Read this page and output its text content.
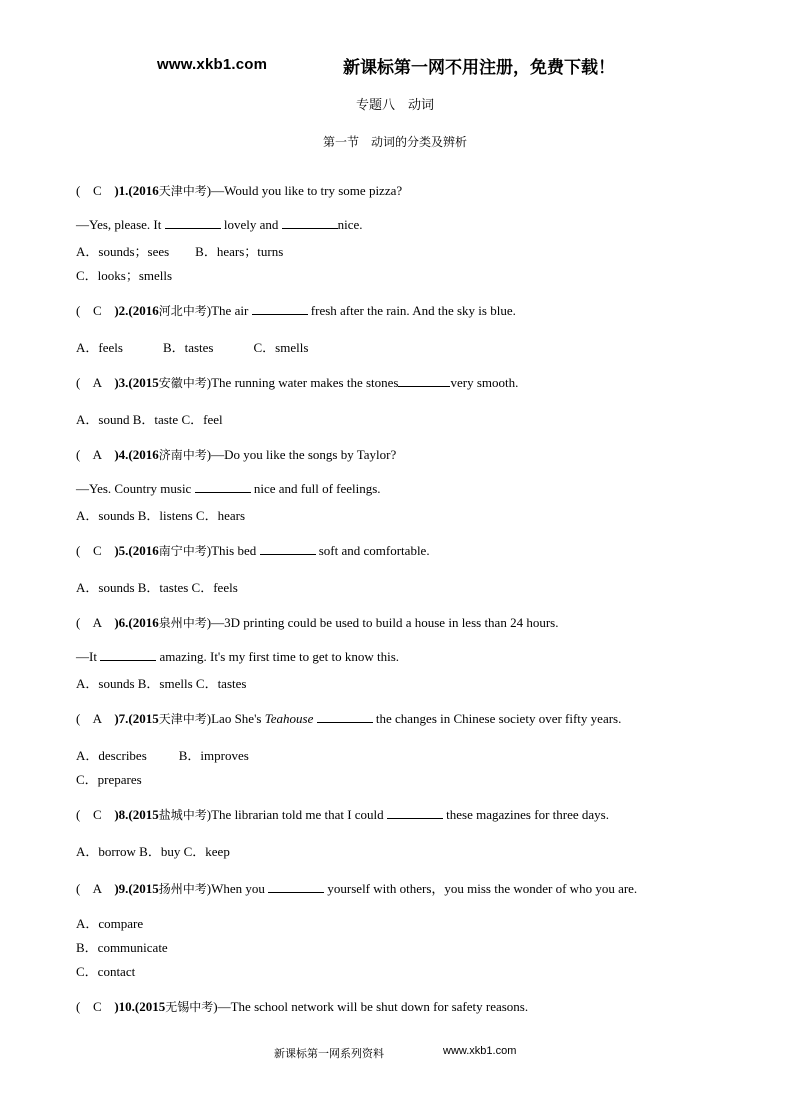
www.xkb1.com	新课标第一网不用注册，免费下载！
专题八　动词
第一节　动词的分类及辨析
( C )1.(2016天津中考)—Would you like to try some pizza?
—Yes, please. It	lovely and	nice.
A．sounds；sees B．hears；turns
C．looks；smells
( C )2.(2016河北中考)The air	fresh after the rain. And the sky is blue.
A．feels	B．tastes	C．smells
( A )3.(2015安徽中考)The running water makes the stones	very smooth.
A．sound B．taste C．feel
( A )4.(2016济南中考)—Do you like the songs by Taylor?
—Yes. Country music	nice and full of feelings.
A．sounds B．listens C．hears
( C )5.(2016南宁中考)This bed	soft and comfortable.
A．sounds B．tastes C．feels
( A )6.(2016泉州中考)—3D printing could be used to build a house in less than 24 hours.
—It	amazing. It's my first time to get to know this.
A．sounds B．smells C．tastes
( A )7.(2015天津中考)Lao She's Teahouse	the changes in Chinese society over fifty years.
A．describes B．improves
C．prepares
( C )8.(2015盐城中考)The librarian told me that I could	these magazines for three days.
A．borrow B．buy C．keep
( A )9.(2015扬州中考)When you	yourself with others，you miss the wonder of who you are.
A．compare
B．communicate
C．contact
( C )10.(2015无锡中考)—The school network will be shut down for safety reasons.
新课标第一网系列资料	www.xkb1.com
